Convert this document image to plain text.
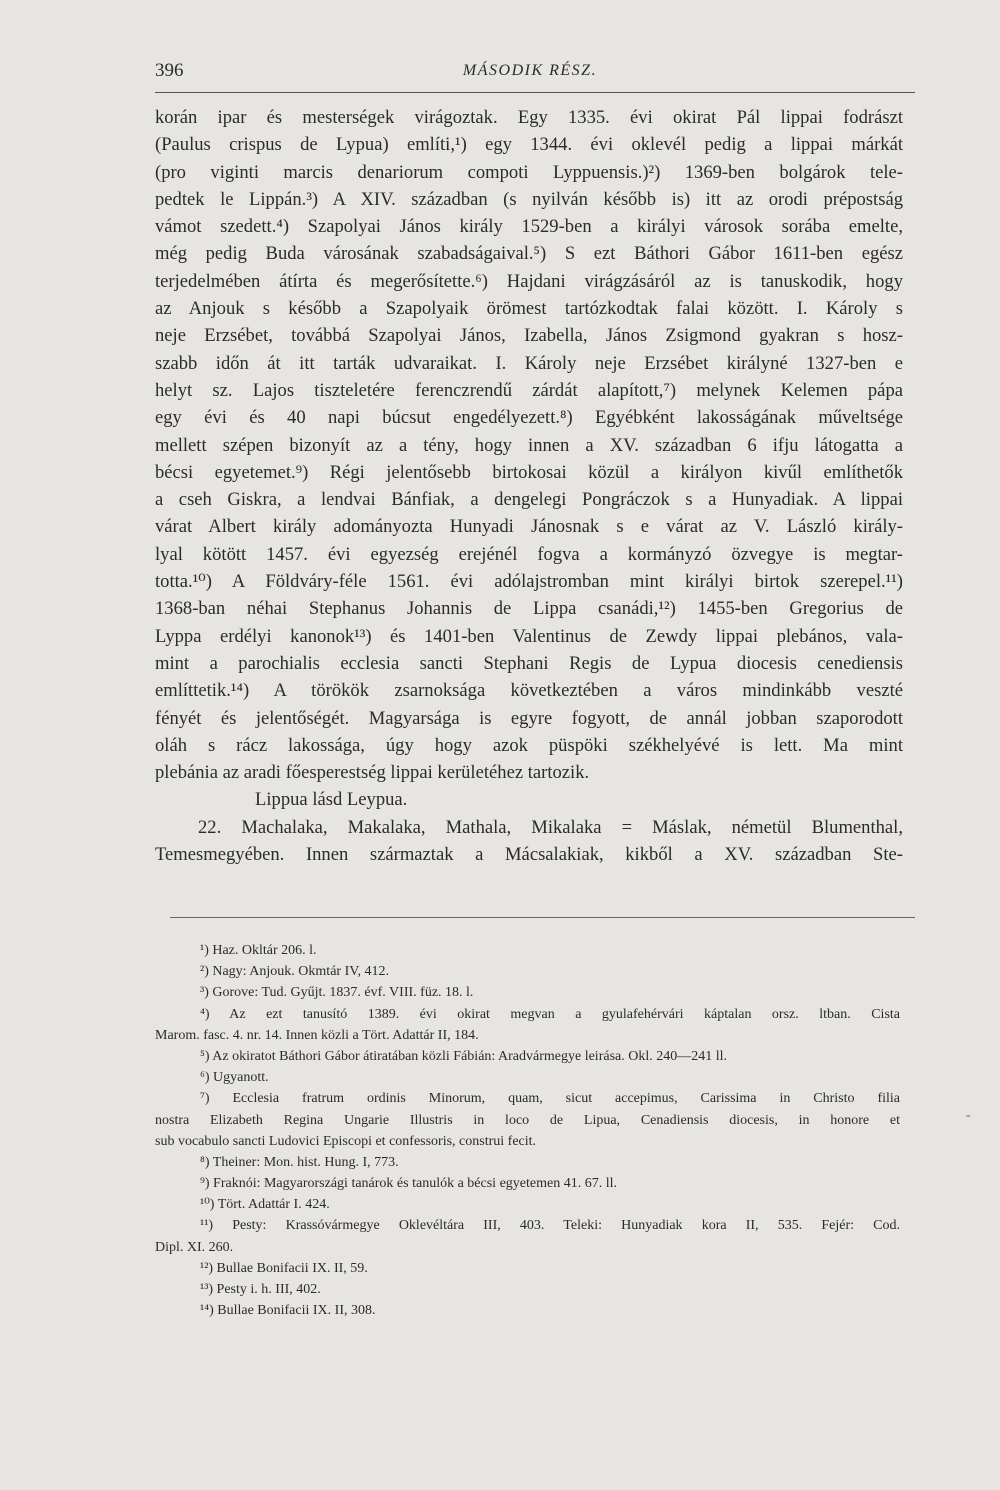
396	MÁSODIK RÉSZ.
korán ipar és mesterségek virágoztak. Egy 1335. évi okirat Pál lippai fodrászt
(Paulus crispus de Lypua) említi,¹) egy 1344. évi oklevél pedig a lippai márkát
(pro viginti marcis denariorum compoti Lyppuensis.)²) 1369-ben bolgárok tele-
pedtek le Lippán.³) A XIV. században (s nyilván később is) itt az orodi prépostság
vámot szedett.⁴) Szapolyai János király 1529-ben a királyi városok sorába emelte,
még pedig Buda városának szabadságaival.⁵) S ezt Báthori Gábor 1611-ben egész
terjedelmében átírta és megerősítette.⁶) Hajdani virágzásáról az is tanuskodik, hogy
az Anjouk s később a Szapolyaik örömest tartózkodtak falai között. I. Károly s
neje Erzsébet, továbbá Szapolyai János, Izabella, János Zsigmond gyakran s hosz-
szabb időn át itt tarták udvaraikat. I. Károly neje Erzsébet királyné 1327-ben e
helyt sz. Lajos tiszteletére ferenczrendű zárdát alapított,⁷) melynek Kelemen pápa
egy évi és 40 napi búcsut engedélyezett.⁸) Egyébként lakosságának műveltsége
mellett szépen bizonyít az a tény, hogy innen a XV. században 6 ifju látogatta a
bécsi egyetemet.⁹) Régi jelentősebb birtokosai közül a királyon kivűl említhetők
a cseh Giskra, a lendvai Bánfiak, a dengelegi Pongráczok s a Hunyadiak. A lippai
várat Albert király adományozta Hunyadi Jánosnak s e várat az V. László király-
lyal kötött 1457. évi egyezség erejénél fogva a kormányzó özvegye is megtar-
totta.¹⁰) A Földváry-féle 1561. évi adólajstromban mint királyi birtok szerepel.¹¹)
1368-ban néhai Stephanus Johannis de Lippa csanádi,¹²) 1455-ben Gregorius de
Lyppa erdélyi kanonok¹³) és 1401-ben Valentinus de Zewdy lippai plebános, vala-
mint a parochialis ecclesia sancti Stephani Regis de Lypua diocesis cenediensis
említtetik.¹⁴) A törökök zsarnoksága következtében a város mindinkább veszté
fényét és jelentőségét. Magyarsága is egyre fogyott, de annál jobban szaporodott
oláh s rácz lakossága, úgy hogy azok püspöki székhelyévé is lett. Ma mint
plebánia az aradi főesperestség lippai kerületéhez tartozik.
Lippua lásd Leypua.
22. Machalaka, Makalaka, Mathala, Mikalaka = Máslak, németül Blumenthal,
Temesmegyében. Innen származtak a Mácsalakiak, kikből a XV. században Ste-
¹) Haz. Okltár 206. l.
²) Nagy: Anjouk. Okmtár IV, 412.
³) Gorove: Tud. Gyűjt. 1837. évf. VIII. füz. 18. l.
⁴) Az ezt tanusító 1389. évi okirat megvan a gyulafehérvári káptalan orsz. ltban. Cista
Marom. fasc. 4. nr. 14. Innen közli a Tört. Adattár II, 184.
⁵) Az okiratot Báthori Gábor átiratában közli Fábián: Aradvármegye leirása. Okl. 240—241 ll.
⁶) Ugyanott.
⁷) Ecclesia fratrum ordinis Minorum, quam, sicut accepimus, Carissima in Christo filia
nostra Elizabeth Regina Ungarie Illustris in loco de Lipua, Cenadiensis diocesis, in honore et
sub vocabulo sancti Ludovici Episcopi et confessoris, construi fecit.
⁸) Theiner: Mon. hist. Hung. I, 773.
⁹) Fraknói: Magyarországi tanárok és tanulók a bécsi egyetemen 41. 67. ll.
¹⁰) Tört. Adattár I. 424.
¹¹) Pesty: Krassóvármegye Oklevéltára III, 403. Teleki: Hunyadiak kora II, 535. Fejér: Cod.
Dipl. XI. 260.
¹²) Bullae Bonifacii IX. II, 59.
¹³) Pesty i. h. III, 402.
¹⁴) Bullae Bonifacii IX. II, 308.
-
